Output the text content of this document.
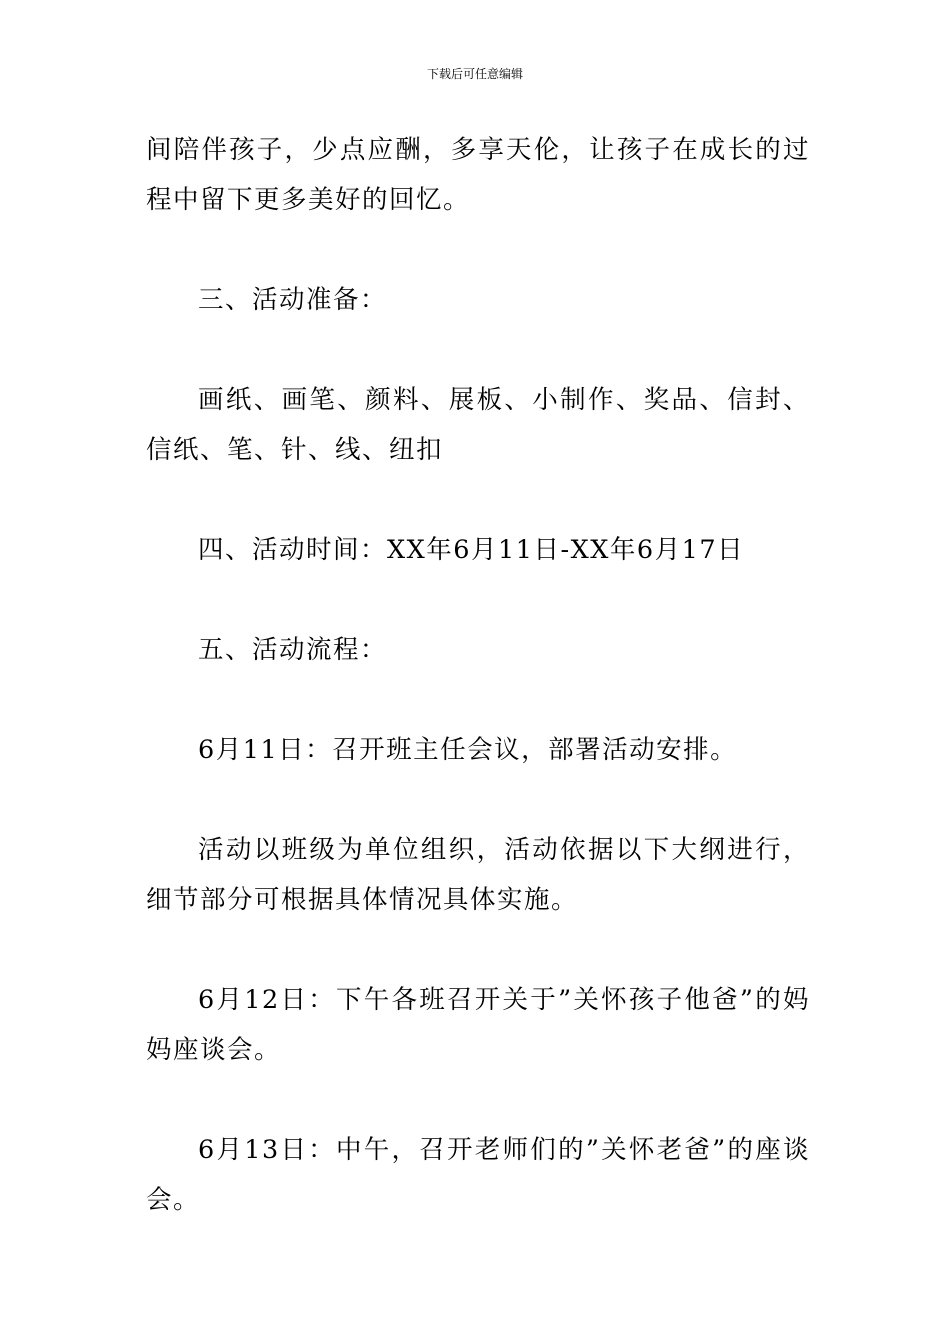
下载后可任意编辑

间陪伴孩子，少点应酬，多享天伦，让孩子在成长的过程中留下更多美好的回忆。

三、活动准备：

画纸、画笔、颜料、展板、小制作、奖品、信封、信纸、笔、针、线、纽扣

四、活动时间：XX年6月11日-XX年6月17日

五、活动流程：

6月11日：召开班主任会议，部署活动安排。

活动以班级为单位组织，活动依据以下大纲进行，细节部分可根据具体情况具体实施。

6月12日：下午各班召开关于”关怀孩子他爸”的妈妈座谈会。

6月13日：中午，召开老师们的”关怀老爸”的座谈会。
